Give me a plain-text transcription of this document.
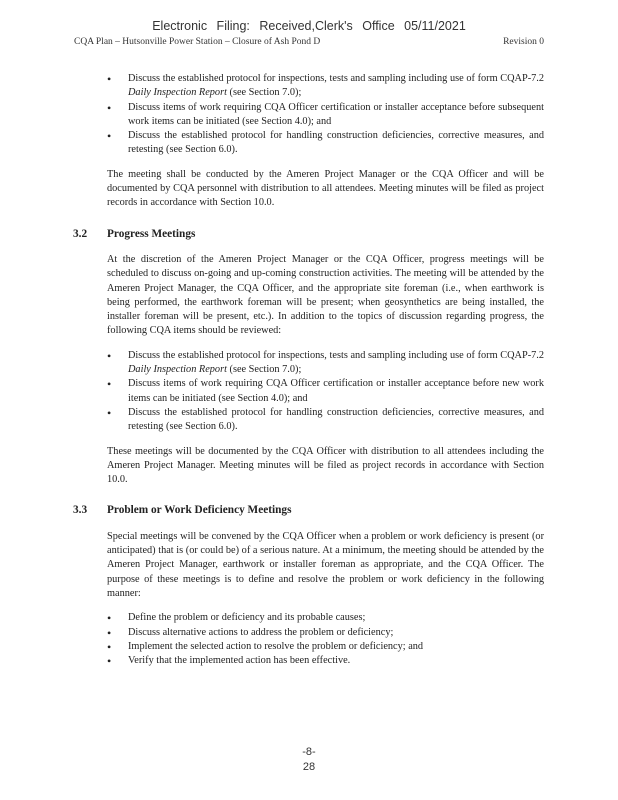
Electronic Filing: Received,Clerk's Office 05/11/2021
CQA Plan – Hutsonville Power Station – Closure of Ash Pond D	Revision 0
• Discuss the established protocol for inspections, tests and sampling including use of form CQAP-7.2 Daily Inspection Report (see Section 7.0);
• Discuss items of work requiring CQA Officer certification or installer acceptance before subsequent work items can be initiated (see Section 4.0); and
• Discuss the established protocol for handling construction deficiencies, corrective measures, and retesting (see Section 6.0).

The meeting shall be conducted by the Ameren Project Manager or the CQA Officer and will be documented by CQA personnel with distribution to all attendees. Meeting minutes will be filed as project records in accordance with Section 10.0.

3.2 Progress Meetings

At the discretion of the Ameren Project Manager or the CQA Officer, progress meetings will be scheduled to discuss on-going and up-coming construction activities. The meeting will be attended by the Ameren Project Manager, the CQA Officer, and the appropriate site foreman (i.e., when earthwork is being performed, the earthwork foreman will be present; when geosynthetics are being installed, the installer foreman will be present, etc.). In addition to the topics of discussion regarding progress, the following CQA items should be reviewed:

• Discuss the established protocol for inspections, tests and sampling including use of form CQAP-7.2 Daily Inspection Report (see Section 7.0);
• Discuss items of work requiring CQA Officer certification or installer acceptance before new work items can be initiated (see Section 4.0); and
• Discuss the established protocol for handling construction deficiencies, corrective measures, and retesting (see Section 6.0).

These meetings will be documented by the CQA Officer with distribution to all attendees including the Ameren Project Manager. Meeting minutes will be filed as project records in accordance with Section 10.0.

3.3 Problem or Work Deficiency Meetings

Special meetings will be convened by the CQA Officer when a problem or work deficiency is present (or anticipated) that is (or could be) of a serious nature. At a minimum, the meeting should be attended by the Ameren Project Manager, earthwork or installer foreman as appropriate, and the CQA Officer. The purpose of these meetings is to define and resolve the problem or work deficiency in the following manner:

• Define the problem or deficiency and its probable causes;
• Discuss alternative actions to address the problem or deficiency;
• Implement the selected action to resolve the problem or deficiency; and
• Verify that the implemented action has been effective.
-8-
28
